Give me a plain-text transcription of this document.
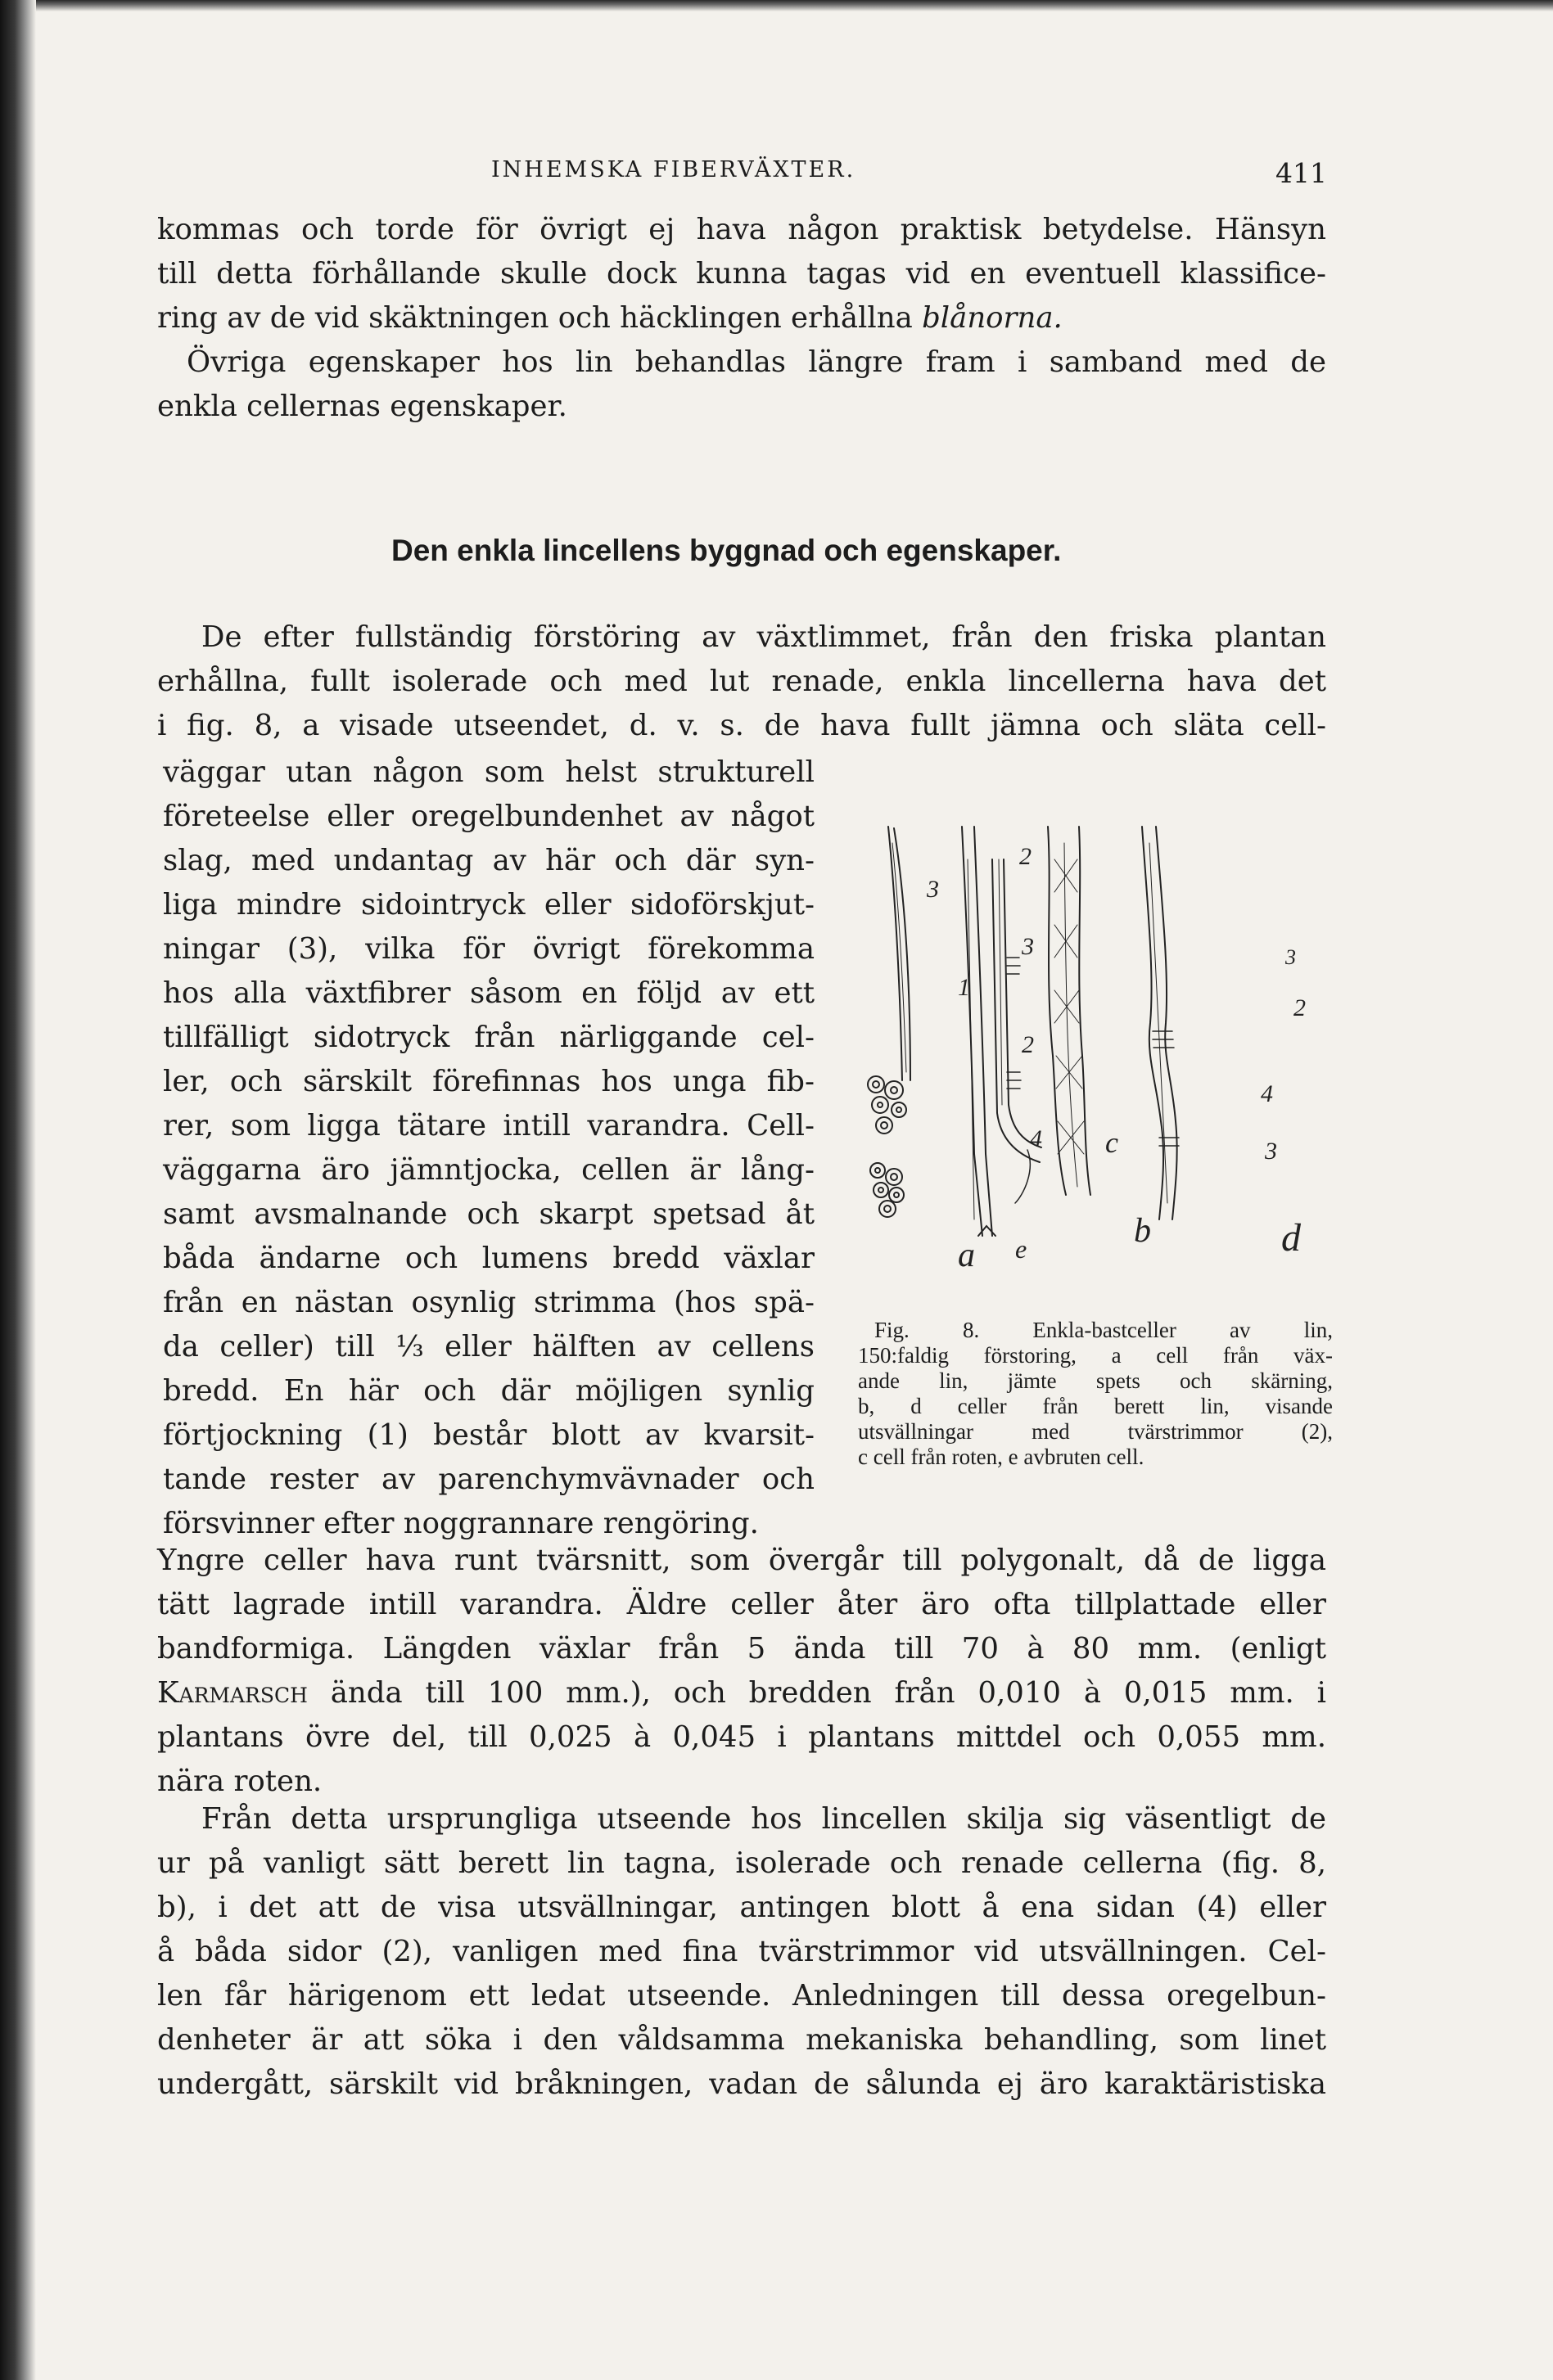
INHEMSKA FIBERVÄXTER.	411
kommas och torde för övrigt ej hava någon praktisk betydelse. Hänsyn
till detta förhållande skulle dock kunna tagas vid en eventuell klassifice-
ring av de vid skäktningen och häcklingen erhållna blånorna.
Övriga egenskaper hos lin behandlas längre fram i samband med de
enkla cellernas egenskaper.
Den enkla lincellens byggnad och egenskaper.
De efter fullständig förstöring av växtlimmet, från den friska plantan
erhållna, fullt isolerade och med lut renade, enkla lincellerna hava det
i fig. 8, a visade utseendet, d. v. s. de hava fullt jämna och släta cell-
väggar utan någon som helst strukturell
företeelse eller oregelbundenhet av något
slag, med undantag av här och där syn-
liga mindre sidointryck eller sidoförskjut-
ningar (3), vilka för övrigt förekomma
hos alla växtfibrer såsom en följd av ett
tillfälligt sidotryck från närliggande cel-
ler, och särskilt förefinnas hos unga fib-
rer, som ligga tätare intill varandra. Cell-
väggarna äro jämntjocka, cellen är lång-
samt avsmalnande och skarpt spetsad åt
båda ändarne och lumens bredd växlar
från en nästan osynlig strimma (hos spä-
da celler) till ⅓ eller hälften av cellens
bredd. En här och där möjligen synlig
förtjockning (1) består blott av kvarsit-
tande rester av parenchymvävnader och
försvinner efter noggrannare rengöring.
Yngre celler hava runt tvärsnitt, som övergår till polygonalt, då de ligga
tätt lagrade intill varandra. Äldre celler åter äro ofta tillplattade eller
bandformiga. Längden växlar från 5 ända till 70 à 80 mm. (enligt
Karmarsch ända till 100 mm.), och bredden från 0,010 à 0,015 mm. i
plantans övre del, till 0,025 à 0,045 i plantans mittdel och 0,055 mm.
nära roten.
Från detta ursprungliga utseende hos lincellen skilja sig väsentligt de
ur på vanligt sätt berett lin tagna, isolerade och renade cellerna (fig. 8,
b), i det att de visa utsvällningar, antingen blott å ena sidan (4) eller
å båda sidor (2), vanligen med fina tvärstrimmor vid utsvällningen. Cel-
len får härigenom ett ledat utseende. Anledningen till dessa oregelbun-
denheter är att söka i den våldsamma mekaniska behandling, som linet
undergått, särskilt vid bråkningen, vadan de sålunda ej äro karaktäristiska
1
3
2
3
2
4 c
3
2
4
3
a e	b	d
Fig. 8. Enkla-bastceller av lin,
150:faldig förstoring, a cell från väx-
ande lin, jämte spets och skärning,
b, d celler från berett lin, visande
utsvällningar med tvärstrimmor (2),
c cell från roten, e avbruten cell.
